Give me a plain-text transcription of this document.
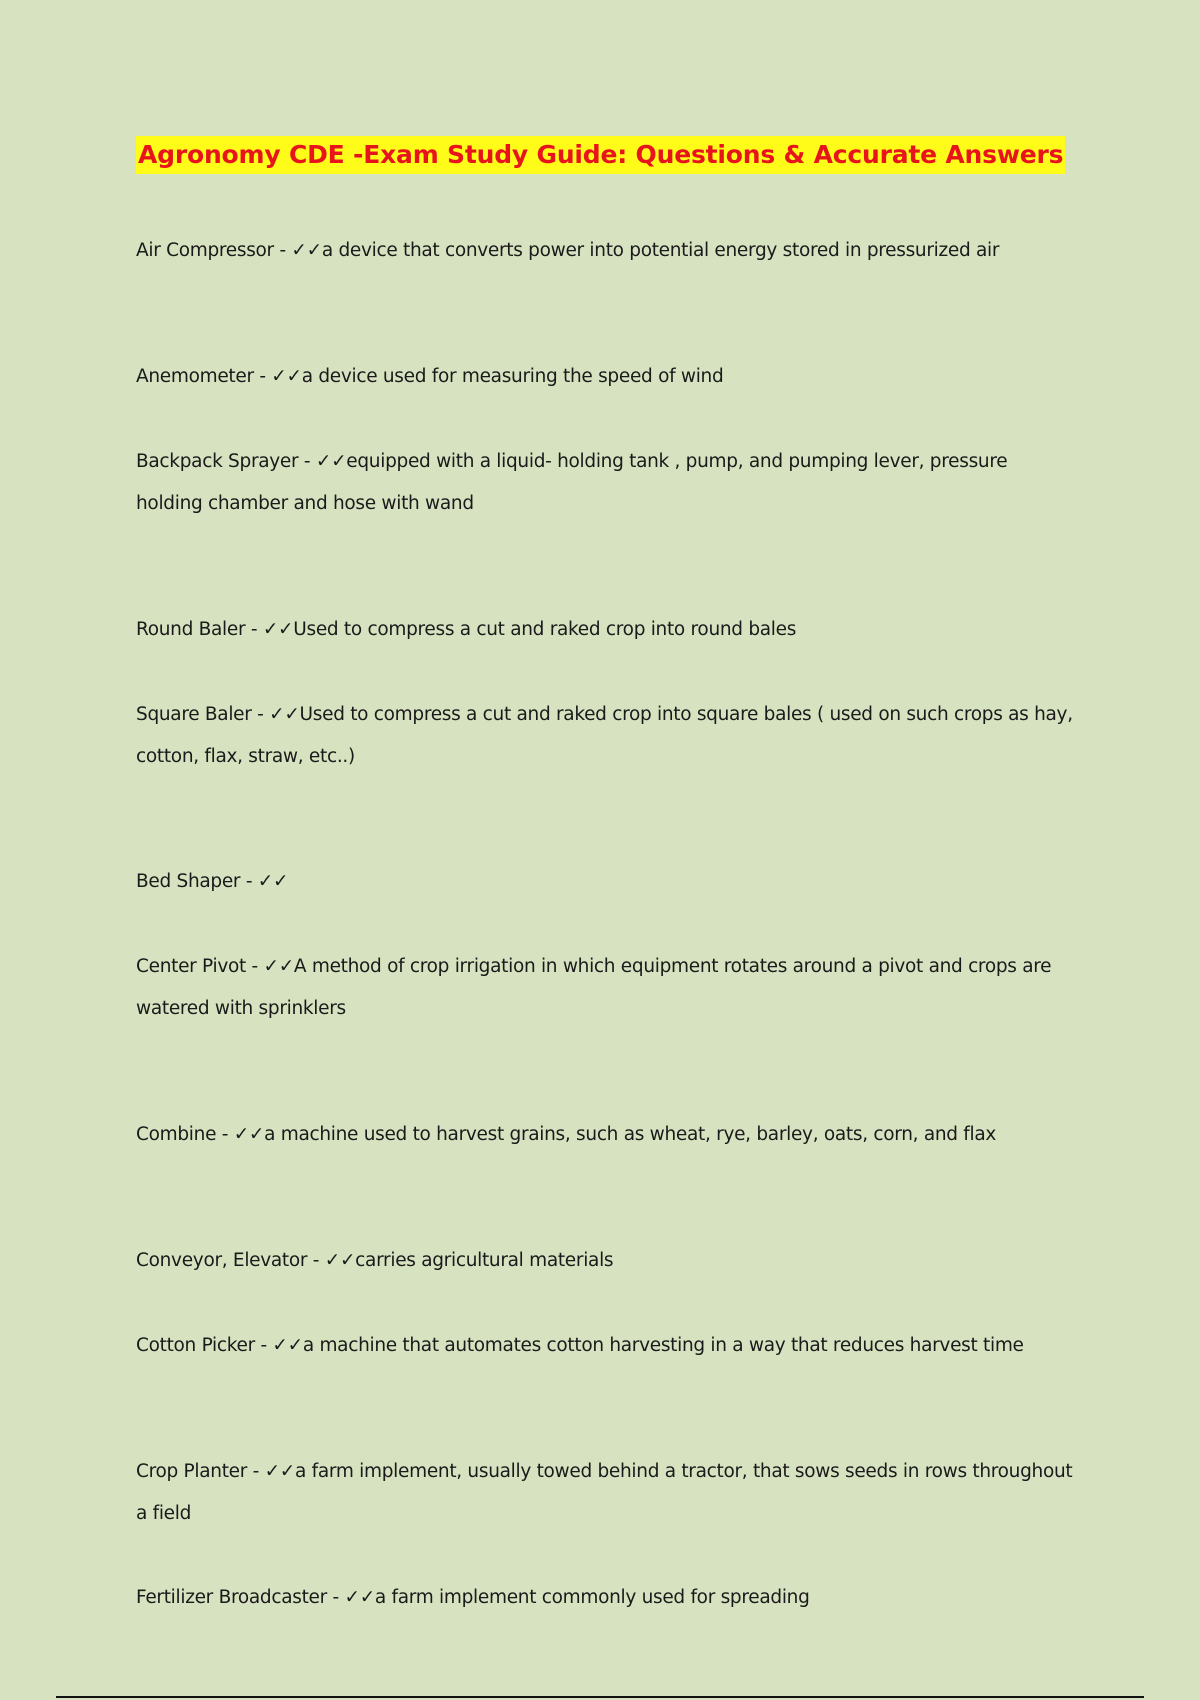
Agronomy CDE -Exam Study Guide: Questions & Accurate Answers
Air Compressor - ✓✓a device that converts power into potential energy stored in pressurized air
Anemometer - ✓✓a device used for measuring the speed of wind
Backpack Sprayer - ✓✓equipped with a liquid- holding tank , pump, and pumping lever, pressure holding chamber and hose with wand
Round Baler - ✓✓Used to compress a cut and raked crop into round bales
Square Baler - ✓✓Used to compress a cut and raked crop into square bales ( used on such crops as hay, cotton, flax, straw, etc..)
Bed Shaper - ✓✓
Center Pivot - ✓✓A method of crop irrigation in which equipment rotates around a pivot and crops are watered with sprinklers
Combine - ✓✓a machine used to harvest grains, such as wheat, rye, barley, oats, corn, and flax
Conveyor, Elevator - ✓✓carries agricultural materials
Cotton Picker - ✓✓a machine that automates cotton harvesting in a way that reduces harvest time
Crop Planter - ✓✓a farm implement, usually towed behind a tractor, that sows seeds in rows throughout a field
Fertilizer Broadcaster - ✓✓a farm implement commonly used for spreading
